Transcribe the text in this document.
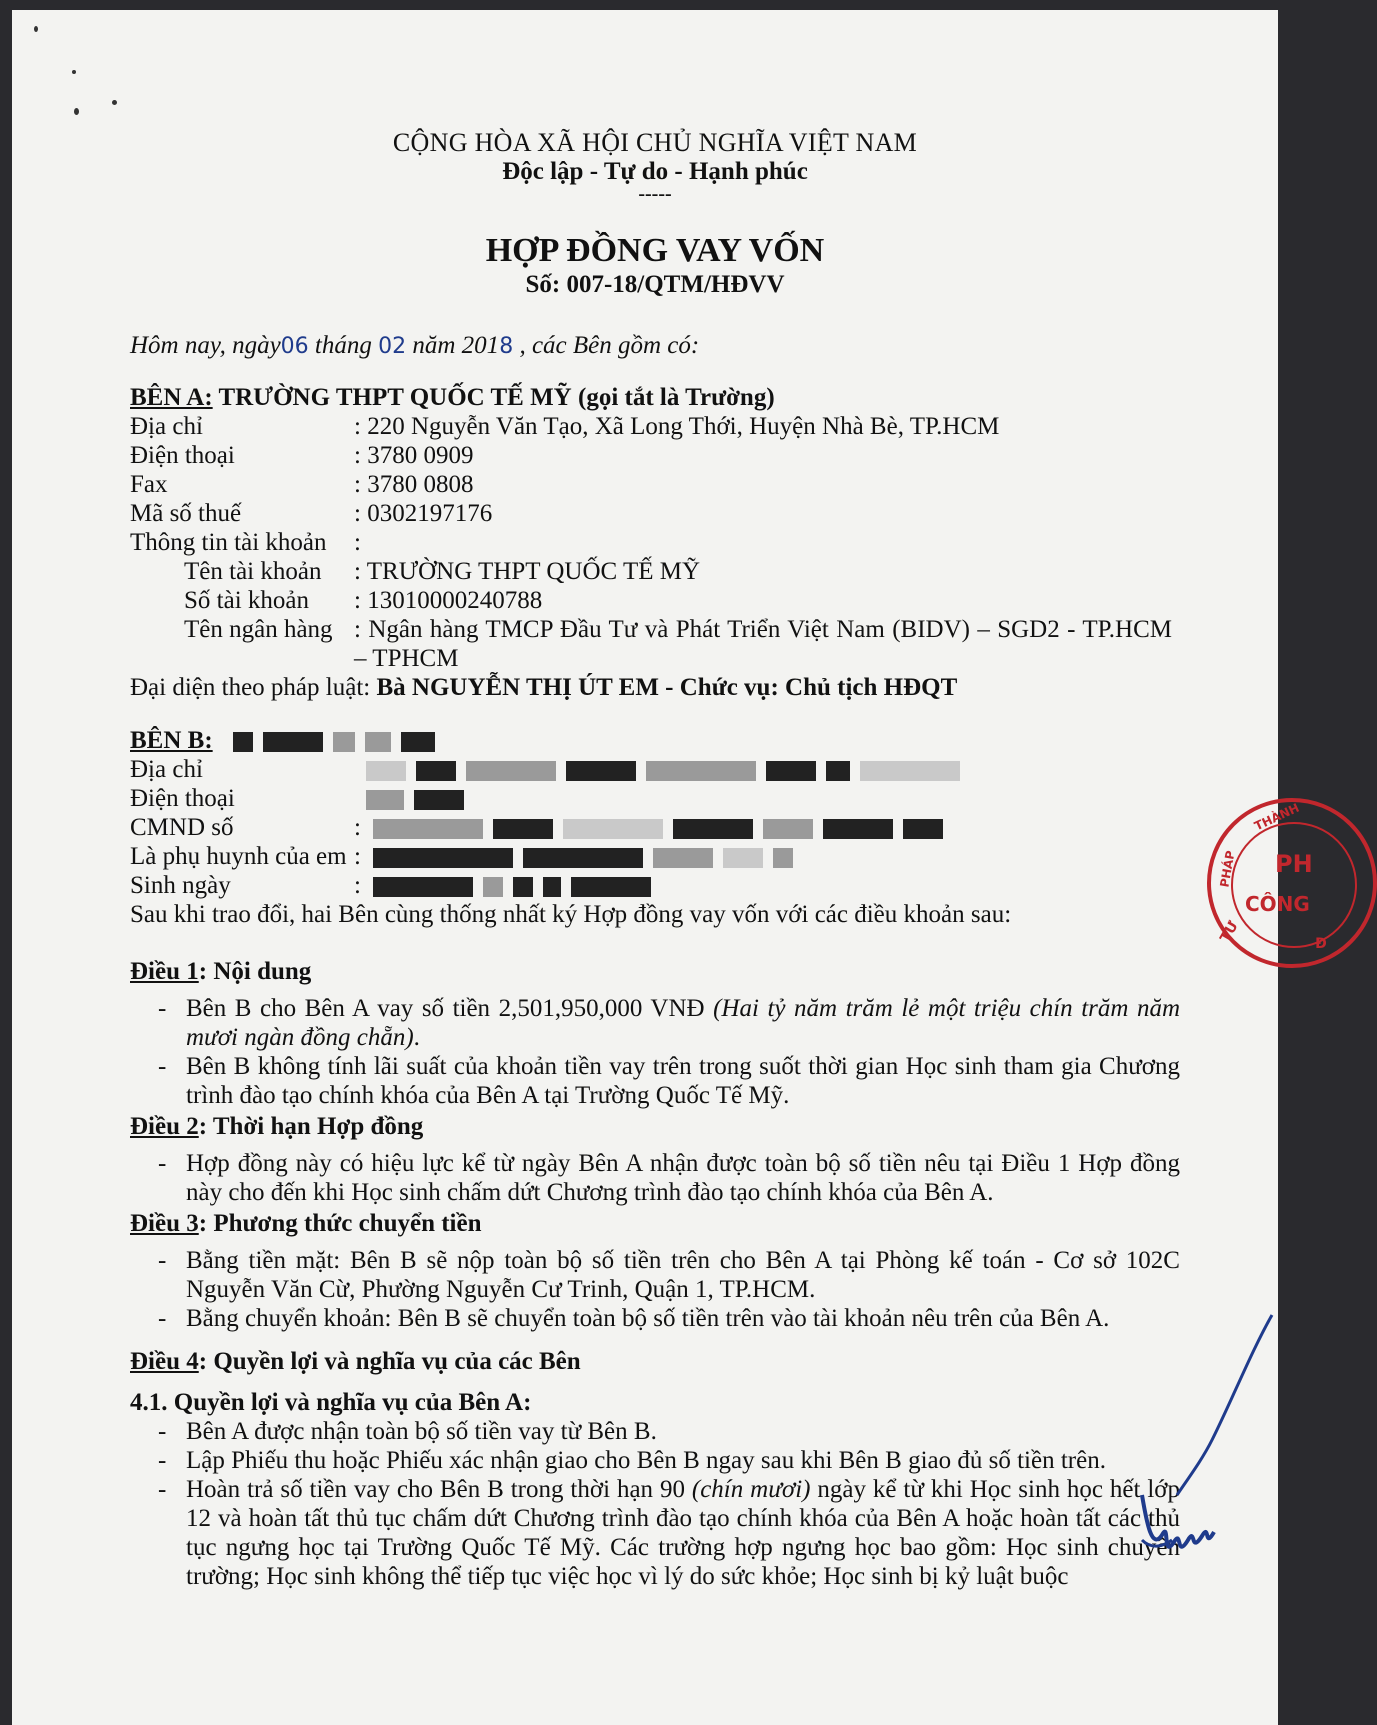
CỘNG HÒA XÃ HỘI CHỦ NGHĨA VIỆT NAM
Độc lập - Tự do - Hạnh phúc
-----
HỢP ĐỒNG VAY VỐN
Số: 007-18/QTM/HĐVV
Hôm nay, ngày06 tháng 02 năm 2018 , các Bên gồm có:
BÊN A: TRƯỜNG THPT QUỐC TẾ MỸ (gọi tắt là Trường)
Địa chỉ	: 220 Nguyễn Văn Tạo, Xã Long Thới, Huyện Nhà Bè, TP.HCM
Điện thoại	: 3780 0909
Fax	: 3780 0808
Mã số thuế	: 0302197176
Thông tin tài khoản	:
Tên tài khoản	: TRƯỜNG THPT QUỐC TẾ MỸ
Số tài khoản	: 13010000240788
Tên ngân hàng : Ngân hàng TMCP Đầu Tư và Phát Triển Việt Nam (BIDV) – SGD2 - TP.HCM – TPHCM
Đại diện theo pháp luật: Bà NGUYỄN THỊ ÚT EM - Chức vụ: Chủ tịch HĐQT
BÊN B:
Địa chỉ
Điện thoại
CMND số	:
Là phụ huynh của em :
Sinh ngày	:
Sau khi trao đổi, hai Bên cùng thống nhất ký Hợp đồng vay vốn với các điều khoản sau:
Điều 1: Nội dung
- Bên B cho Bên A vay số tiền 2,501,950,000 VNĐ (Hai tỷ năm trăm lẻ một triệu chín trăm năm mươi ngàn đồng chẵn).
- Bên B không tính lãi suất của khoản tiền vay trên trong suốt thời gian Học sinh tham gia Chương trình đào tạo chính khóa của Bên A tại Trường Quốc Tế Mỹ.
Điều 2: Thời hạn Hợp đồng
- Hợp đồng này có hiệu lực kể từ ngày Bên A nhận được toàn bộ số tiền nêu tại Điều 1 Hợp đồng này cho đến khi Học sinh chấm dứt Chương trình đào tạo chính khóa của Bên A.
Điều 3: Phương thức chuyển tiền
- Bằng tiền mặt: Bên B sẽ nộp toàn bộ số tiền trên cho Bên A tại Phòng kế toán - Cơ sở 102C Nguyễn Văn Cừ, Phường Nguyễn Cư Trinh, Quận 1, TP.HCM.
- Bằng chuyển khoản: Bên B sẽ chuyển toàn bộ số tiền trên vào tài khoản nêu trên của Bên A.
Điều 4: Quyền lợi và nghĩa vụ của các Bên
4.1. Quyền lợi và nghĩa vụ của Bên A:
- Bên A được nhận toàn bộ số tiền vay từ Bên B.
- Lập Phiếu thu hoặc Phiếu xác nhận giao cho Bên B ngay sau khi Bên B giao đủ số tiền trên.
- Hoàn trả số tiền vay cho Bên B trong thời hạn 90 (chín mươi) ngày kể từ khi Học sinh học hết lớp 12 và hoàn tất thủ tục chấm dứt Chương trình đào tạo chính khóa của Bên A hoặc hoàn tất các thủ tục ngưng học tại Trường Quốc Tế Mỹ. Các trường hợp ngưng học bao gồm: Học sinh chuyển trường; Học sinh không thể tiếp tục việc học vì lý do sức khỏe; Học sinh bị kỷ luật buộc
TƯ
PHÁP
THÀNH
PH
CÔNG
Đ
